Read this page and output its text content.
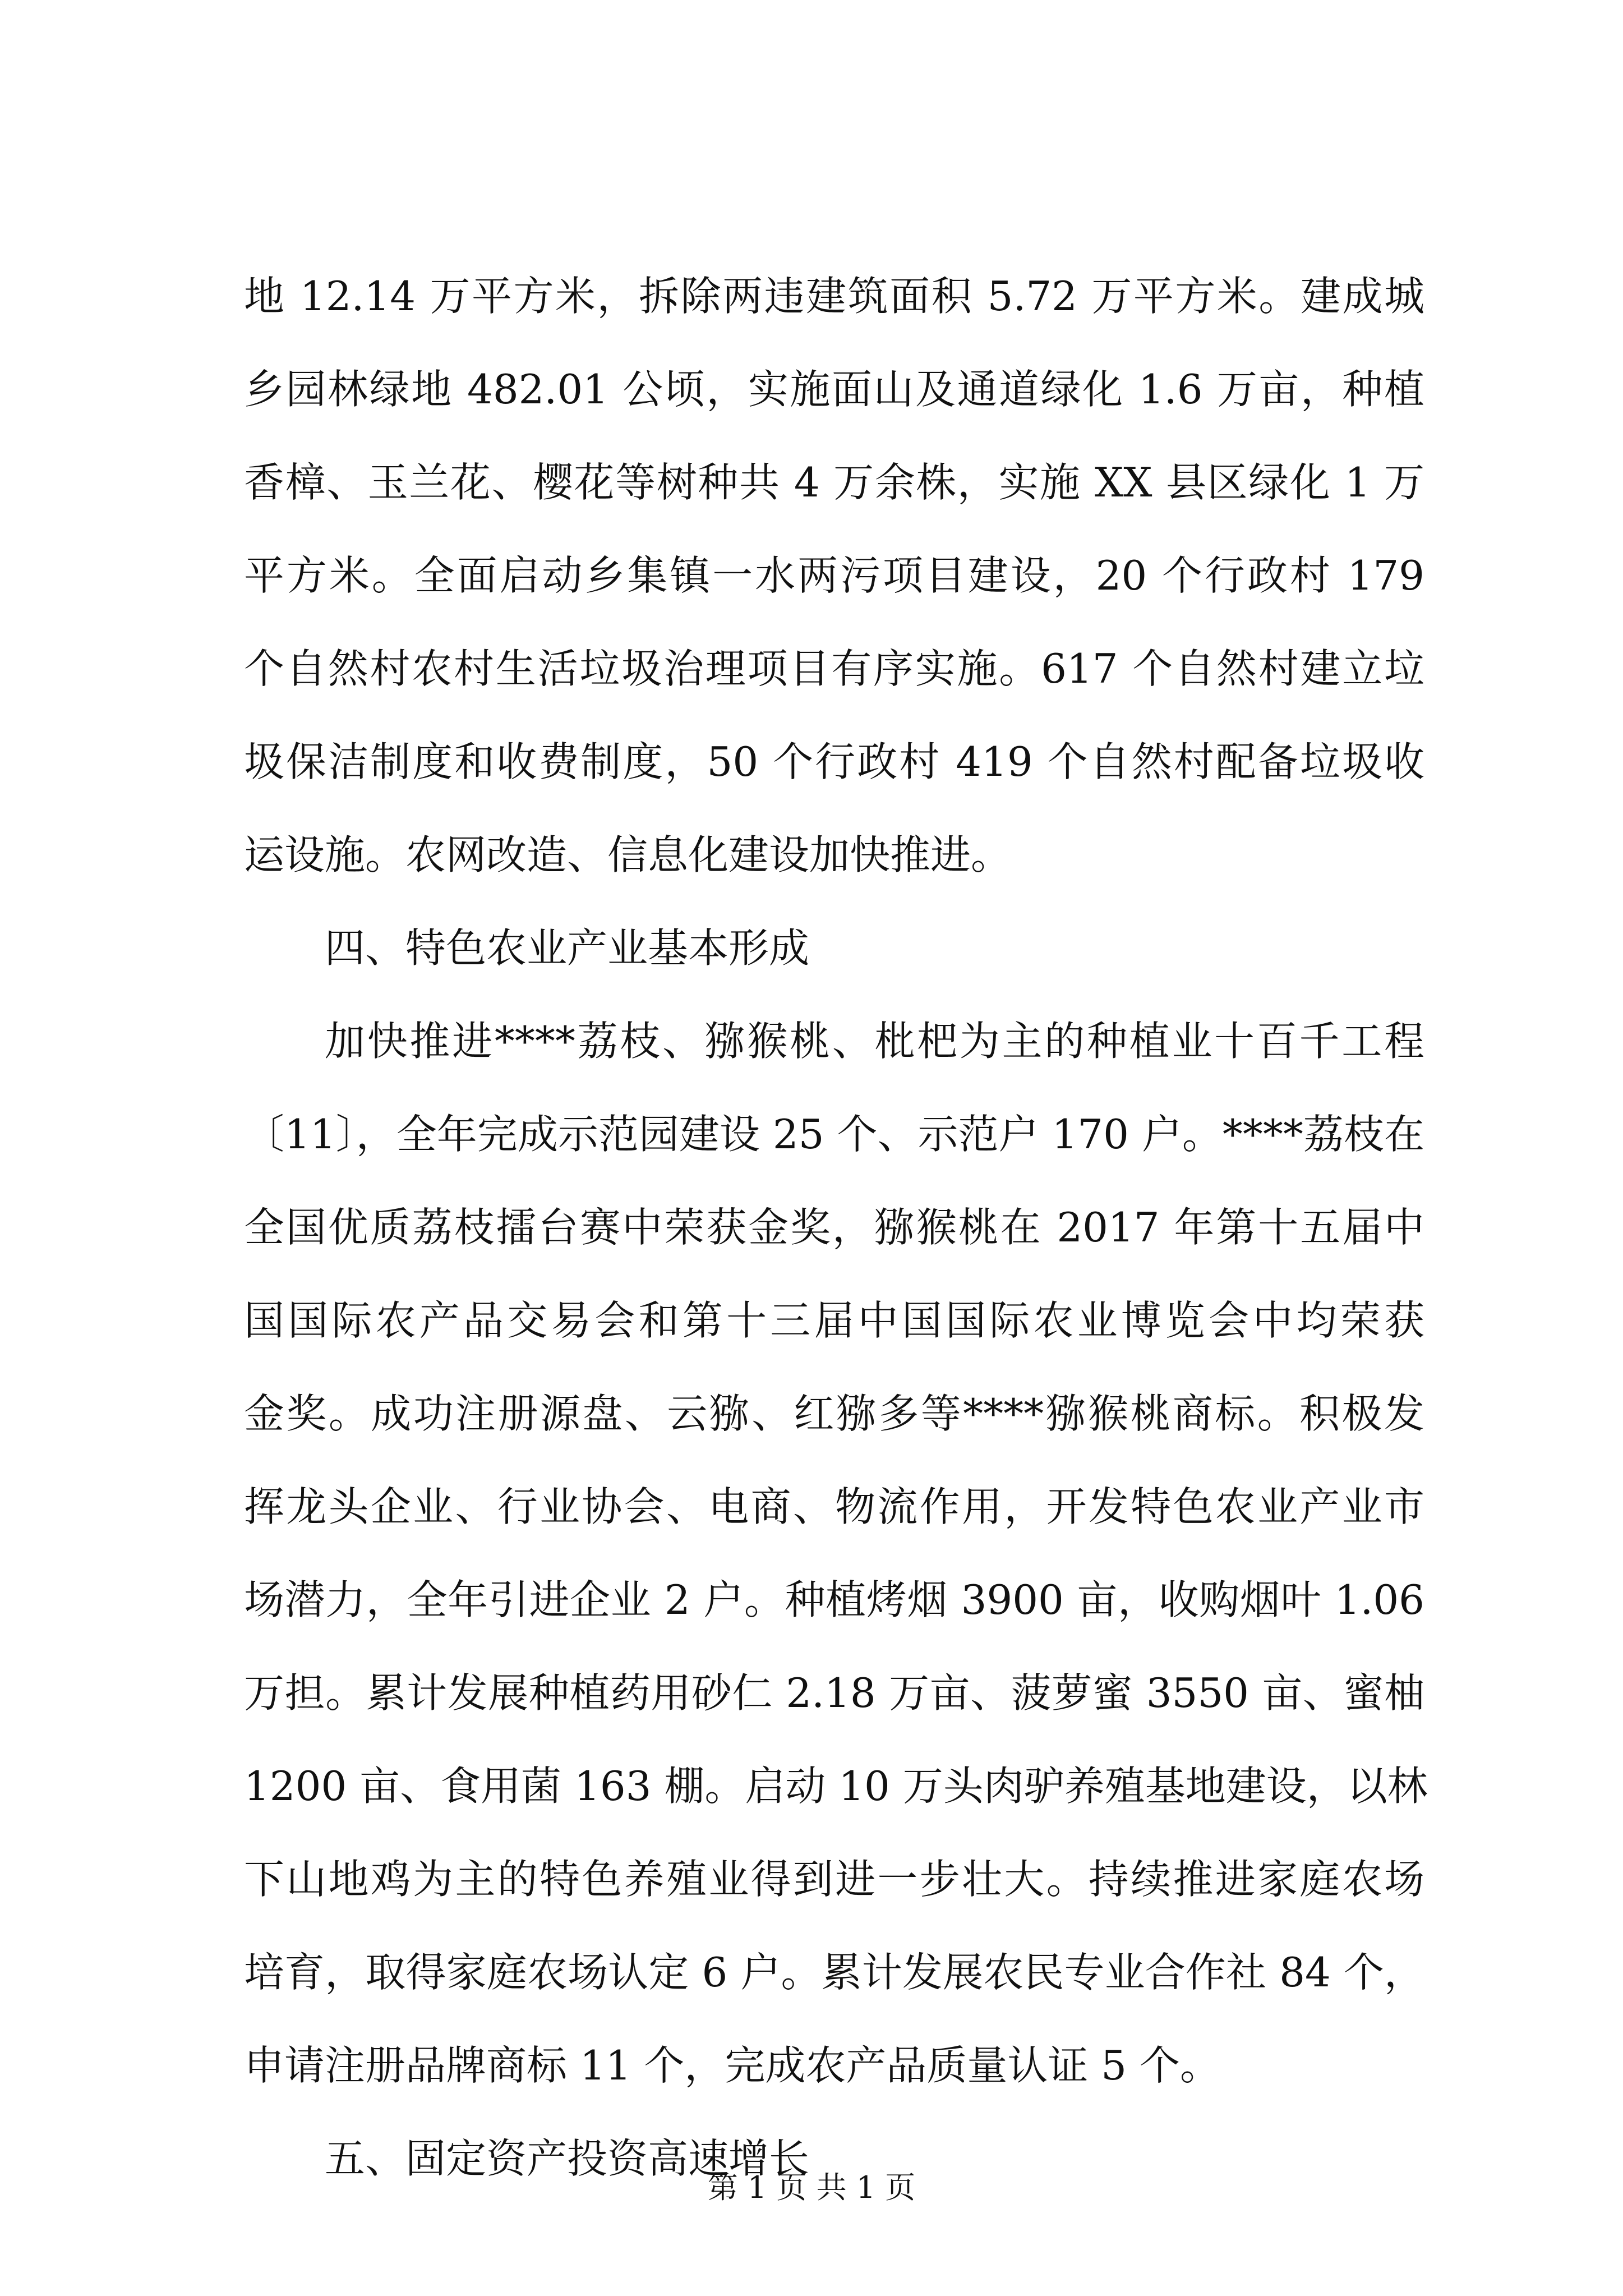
地 12.14 万平方米，拆除两违建筑面积 5.72 万平方米。建成城
乡园林绿地 482.01 公顷，实施面山及通道绿化 1.6 万亩，种植
香樟、玉兰花、樱花等树种共 4 万余株，实施 XX 县区绿化 1 万
平方米。全面启动乡集镇一水两污项目建设，20 个行政村 179
个自然村农村生活垃圾治理项目有序实施。617 个自然村建立垃
圾保洁制度和收费制度，50 个行政村 419 个自然村配备垃圾收
运设施。农网改造、信息化建设加快推进。
四、特色农业产业基本形成
加快推进****荔枝、猕猴桃、枇杷为主的种植业十百千工程
〔11〕，全年完成示范园建设 25 个、示范户 170 户。****荔枝在
全国优质荔枝擂台赛中荣获金奖，猕猴桃在 2017 年第十五届中
国国际农产品交易会和第十三届中国国际农业博览会中均荣获
金奖。成功注册源盘、云猕、红猕多等****猕猴桃商标。积极发
挥龙头企业、行业协会、电商、物流作用，开发特色农业产业市
场潜力，全年引进企业 2 户。种植烤烟 3900 亩，收购烟叶 1.06
万担。累计发展种植药用砂仁 2.18 万亩、菠萝蜜 3550 亩、蜜柚
1200 亩、食用菌 163 棚。启动 10 万头肉驴养殖基地建设，以林
下山地鸡为主的特色养殖业得到进一步壮大。持续推进家庭农场
培育，取得家庭农场认定 6 户。累计发展农民专业合作社 84 个，
申请注册品牌商标 11 个，完成农产品质量认证 5 个。
五、固定资产投资高速增长
第 1 页 共 1 页
